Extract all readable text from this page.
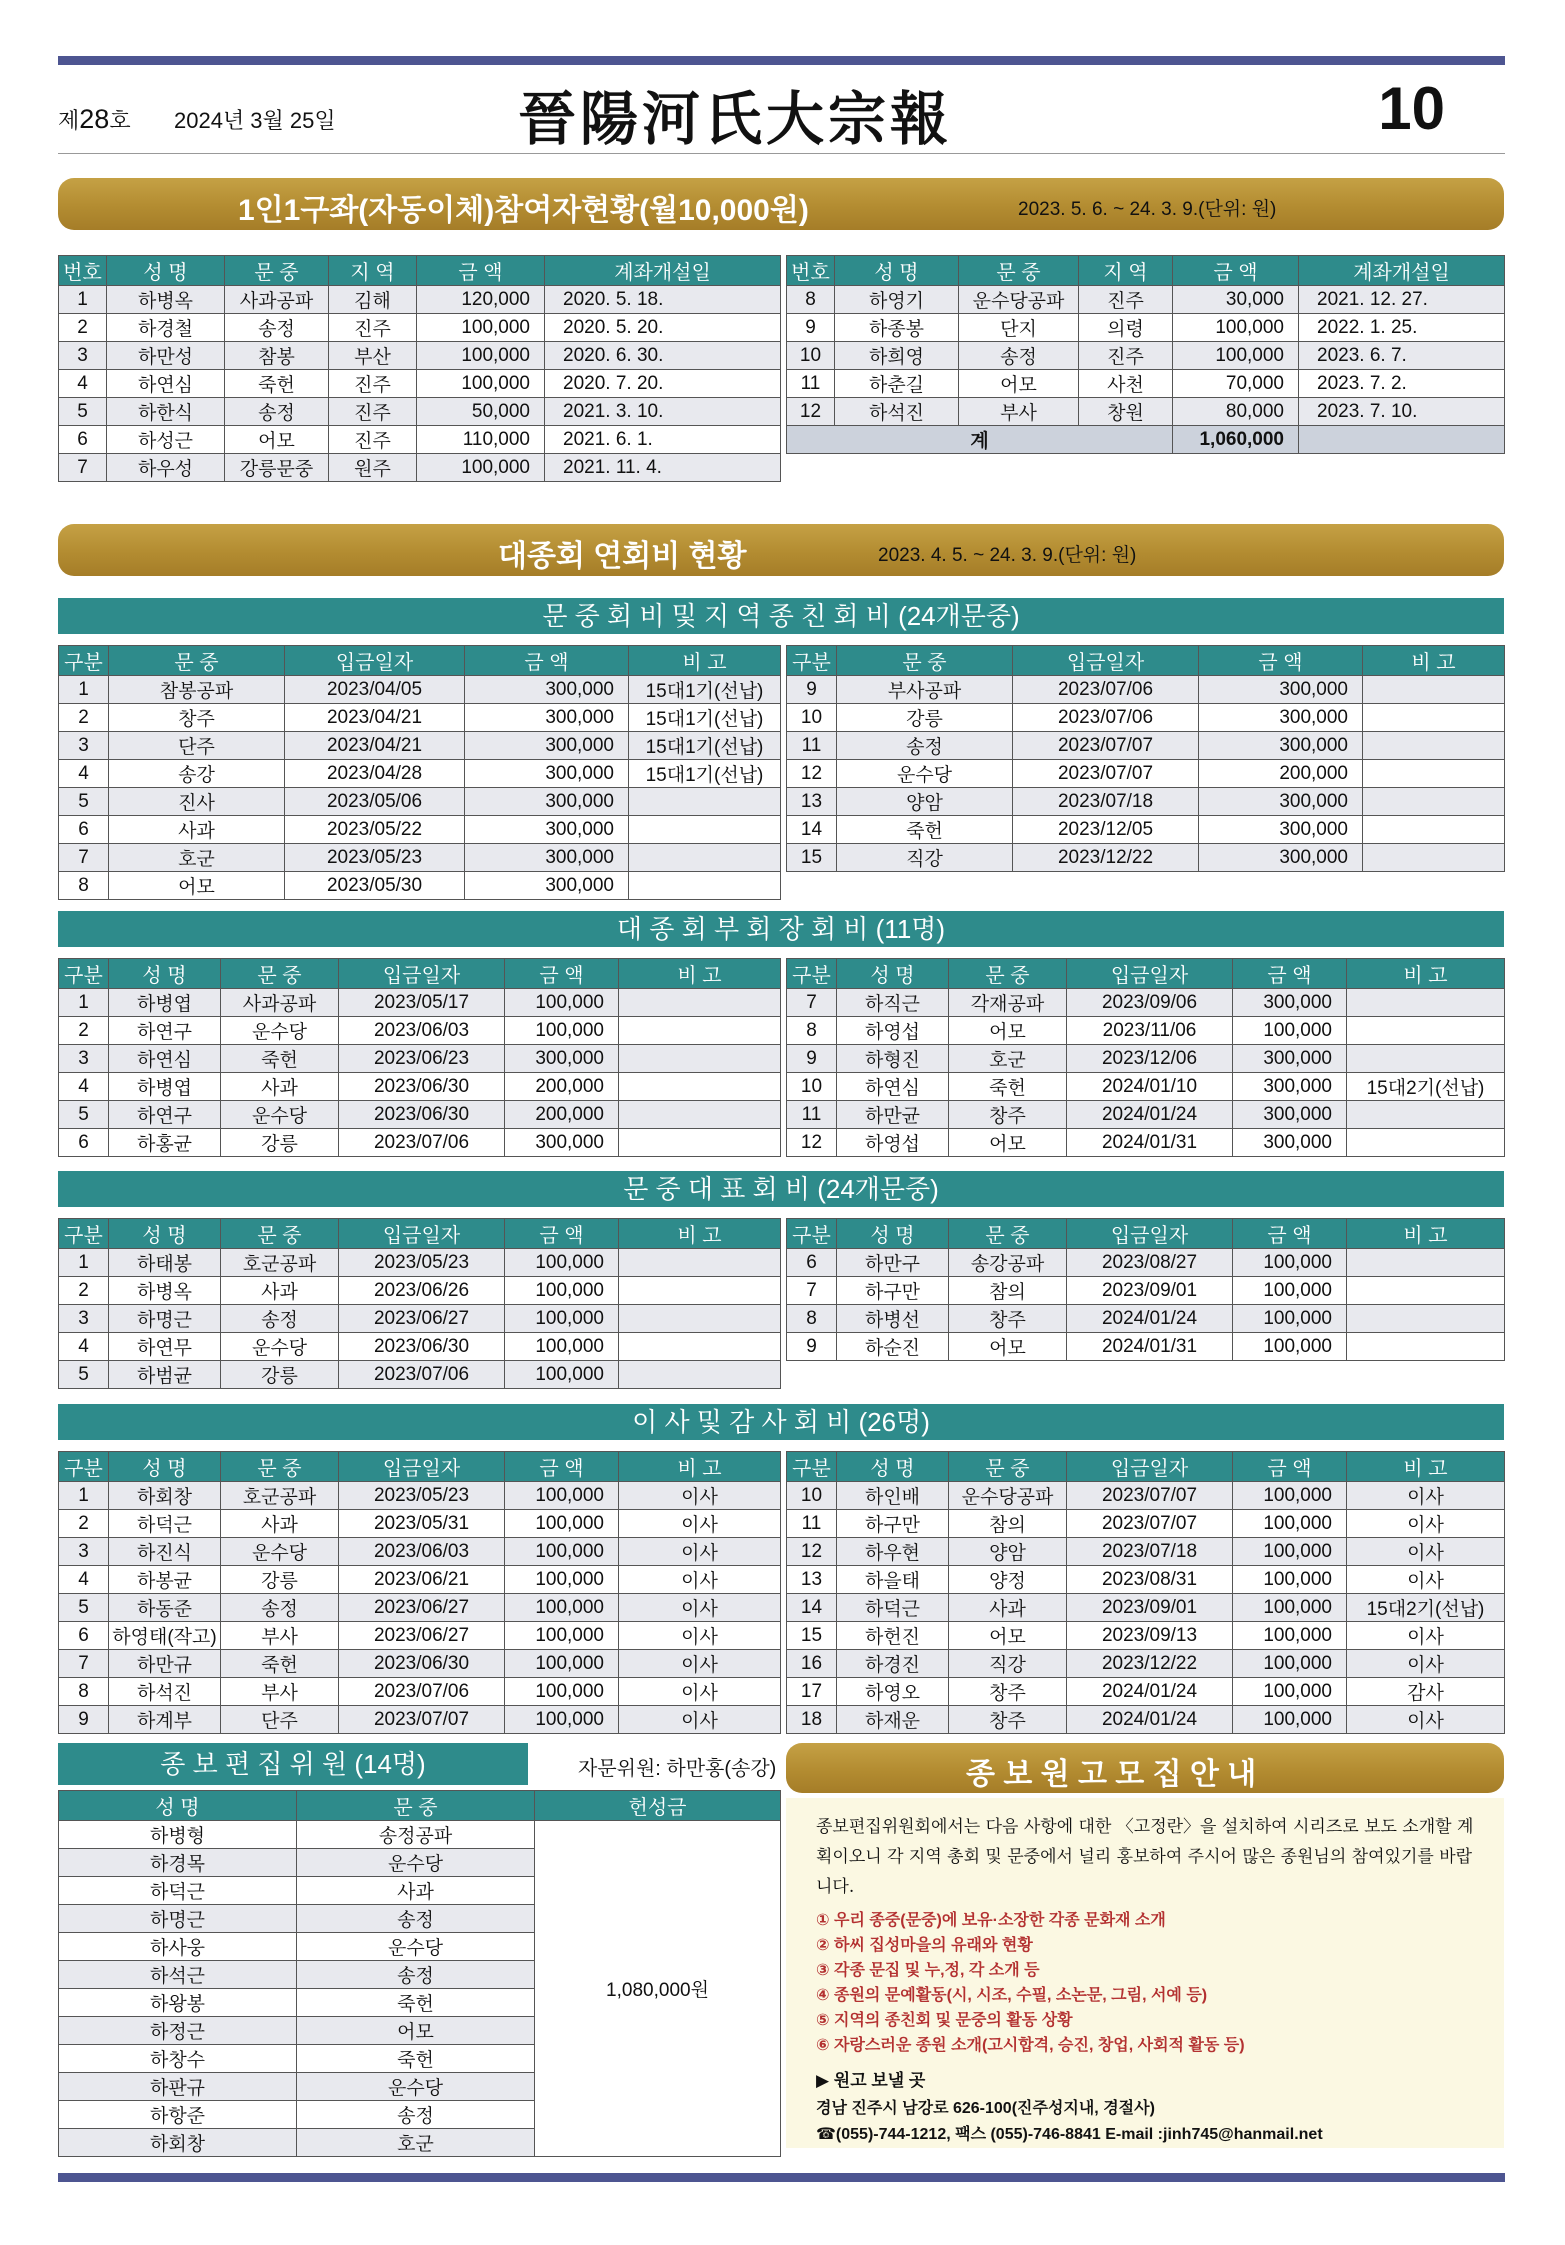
제28호 2024년 3월 25일	晉陽河氏大宗報	10
1인1구좌(자동이체)참여자현황(월10,000원)	2023. 5. 6. ~ 24. 3. 9.(단위: 원)
번호	성 명	문 중	지 역	금 액	계좌개설일
1	하병옥	사과공파	김해	120,000	2020. 5. 18.
2	하경철	송정	진주	100,000	2020. 5. 20.
3	하만성	참봉	부산	100,000	2020. 6. 30.
4	하연심	죽헌	진주	100,000	2020. 7. 20.
5	하한식	송정	진주	50,000	2021. 3. 10.
6	하성근	어모	진주	110,000	2021. 6. 1.
7	하우성	강릉문중	원주	100,000	2021. 11. 4.
번호	성 명	문 중	지 역	금 액	계좌개설일
8	하영기	운수당공파	진주	30,000	2021. 12. 27.
9	하종봉	단지	의령	100,000	2022. 1. 25.
10	하희영	송정	진주	100,000	2023. 6. 7.
11	하춘길	어모	사천	70,000	2023. 7. 2.
12	하석진	부사	창원	80,000	2023. 7. 10.
계				1,060,000	
대종회 연회비 현황	2023. 4. 5. ~ 24. 3. 9.(단위: 원)
문 중 회 비 및 지 역 종 친 회 비 (24개문중)
구분	문 중	입금일자	금 액	비 고
1	참봉공파	2023/04/05	300,000	15대1기(선납)
2	창주	2023/04/21	300,000	15대1기(선납)
3	단주	2023/04/21	300,000	15대1기(선납)
4	송강	2023/04/28	300,000	15대1기(선납)
5	진사	2023/05/06	300,000	
6	사과	2023/05/22	300,000	
7	호군	2023/05/23	300,000	
8	어모	2023/05/30	300,000	
구분	문 중	입금일자	금 액	비 고
9	부사공파	2023/07/06	300,000	
10	강릉	2023/07/06	300,000	
11	송정	2023/07/07	300,000	
12	운수당	2023/07/07	200,000	
13	양암	2023/07/18	300,000	
14	죽헌	2023/12/05	300,000	
15	직강	2023/12/22	300,000	
대 종 회 부 회 장 회 비 (11명)
구분	성 명	문 중	입금일자	금 액	비 고
1	하병엽	사과공파	2023/05/17	100,000	
2	하연구	운수당	2023/06/03	100,000	
3	하연심	죽헌	2023/06/23	300,000	
4	하병엽	사과	2023/06/30	200,000	
5	하연구	운수당	2023/06/30	200,000	
6	하홍균	강릉	2023/07/06	300,000	
구분	성 명	문 중	입금일자	금 액	비 고
7	하직근	각재공파	2023/09/06	300,000	
8	하영섭	어모	2023/11/06	100,000	
9	하형진	호군	2023/12/06	300,000	
10	하연심	죽헌	2024/01/10	300,000	15대2기(선납)
11	하만균	창주	2024/01/24	300,000	
12	하영섭	어모	2024/01/31	300,000	
문 중 대 표 회 비 (24개문중)
구분	성 명	문 중	입금일자	금 액	비 고
1	하태봉	호군공파	2023/05/23	100,000	
2	하병옥	사과	2023/06/26	100,000	
3	하명근	송정	2023/06/27	100,000	
4	하연무	운수당	2023/06/30	100,000	
5	하범균	강릉	2023/07/06	100,000	
구분	성 명	문 중	입금일자	금 액	비 고
6	하만구	송강공파	2023/08/27	100,000	
7	하구만	참의	2023/09/01	100,000	
8	하병선	창주	2024/01/24	100,000	
9	하순진	어모	2024/01/31	100,000	
이 사 및 감 사 회 비 (26명)
구분	성 명	문 중	입금일자	금 액	비 고
1	하회창	호군공파	2023/05/23	100,000	이사
2	하덕근	사과	2023/05/31	100,000	이사
3	하진식	운수당	2023/06/03	100,000	이사
4	하봉균	강릉	2023/06/21	100,000	이사
5	하동준	송정	2023/06/27	100,000	이사
6	하영태(작고)	부사	2023/06/27	100,000	이사
7	하만규	죽헌	2023/06/30	100,000	이사
8	하석진	부사	2023/07/06	100,000	이사
9	하계부	단주	2023/07/07	100,000	이사
구분	성 명	문 중	입금일자	금 액	비 고
10	하인배	운수당공파	2023/07/07	100,000	이사
11	하구만	참의	2023/07/07	100,000	이사
12	하우현	양암	2023/07/18	100,000	이사
13	하을태	양정	2023/08/31	100,000	이사
14	하덕근	사과	2023/09/01	100,000	15대2기(선납)
15	하헌진	어모	2023/09/13	100,000	이사
16	하경진	직강	2023/12/22	100,000	이사
17	하영오	창주	2024/01/24	100,000	감사
18	하재운	창주	2024/01/24	100,000	이사
종 보 편 집 위 원 (14명)	자문위원: 하만홍(송강)
성 명	문 중	헌성금
하병형	송정공파	1,080,000원
하경목	운수당	
하덕근	사과	
하명근	송정	
하사웅	운수당	
하석근	송정	
하왕봉	죽헌	
하정근	어모	
하창수	죽헌	
하판규	운수당	
하항준	송정	
하회창	호군	
종 보 원 고 모 집 안 내
종보편집위원회에서는 다음 사항에 대한 〈고정란〉을 설치하여 시리즈로 보도 소개할 계획이오니 각 지역 총회 및 문중에서 널리 홍보하여 주시어 많은 종원님의 참여있기를 바랍니다.
① 우리 종중(문중)에 보유·소장한 각종 문화재 소개
② 하씨 집성마을의 유래와 현황
③ 각종 문집 및 누,정, 각 소개 등
④ 종원의 문예활동(시, 시조, 수필, 소논문, 그림, 서예 등)
⑤ 지역의 종친회 및 문중의 활동 상황
⑥ 자랑스러운 종원 소개(고시합격, 승진, 창업, 사회적 활동 등)
▶ 원고 보낼 곳
경남 진주시 남강로 626-100(진주성지내, 경절사)
☎(055)-744-1212, 팩스 (055)-746-8841 E-mail :jinh745@hanmail.net
